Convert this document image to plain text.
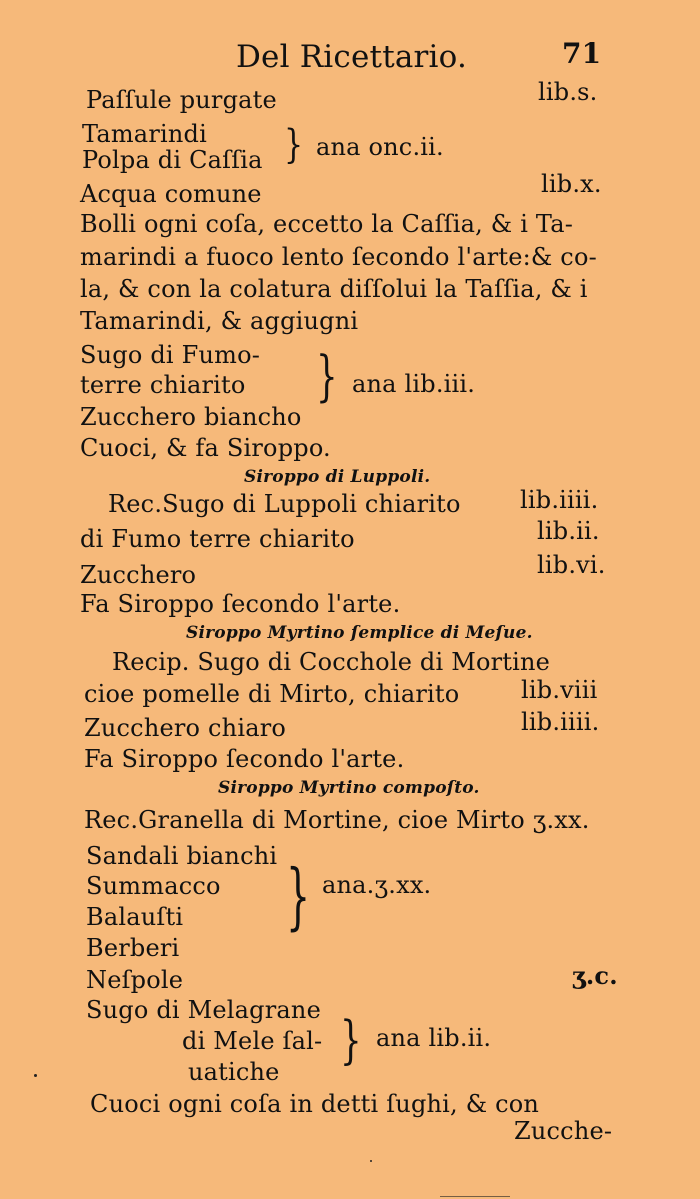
Del Ricettario.	71
Paſſule purgate	lib.s.
Tamarindi
Polpa di Caſſia } ana onc.ii.
Acqua comune	lib.x.
Bolli ogni coſa, eccetto la Caſſia, & i Ta-
marindi a fuoco lento ſecondo l'arte:& co-
la, & con la colatura diſſolui la Taſſia, & i
Tamarindi, & aggiugni
Sugo di Fumo-
terre chiarito
Zucchero biancho
} ana lib.iii.
Cuoci, & fa Siroppo.
Siroppo di Luppoli.
Rec.Sugo di Luppoli chiarito lib.iiii.
di Fumo terre chiarito	lib.ii.
Zucchero	lib.vi.
Fa Siroppo ſecondo l'arte.
Siroppo Myrtino ſemplice di Meſue.
Recip. Sugo di Cocchole di Mortine
cioe pomelle di Mirto, chiarito	lib.viii
Zucchero chiaro	lib.iiii.
Fa Siroppo ſecondo l'arte.
Siroppo Myrtino compoſto.
Rec.Granella di Mortine, cioe Mirto ʒ.xx.
Sandali bianchi
Summacco
Balauſti
Berberi
} ana.ʒ.xx.
Neſpole	ʒ.c.
Sugo di Melagrane
di Mele ſal-
uatiche
} ana lib.ii.
Cuoci ogni coſa in detti ſughi, & con
Zucche-
